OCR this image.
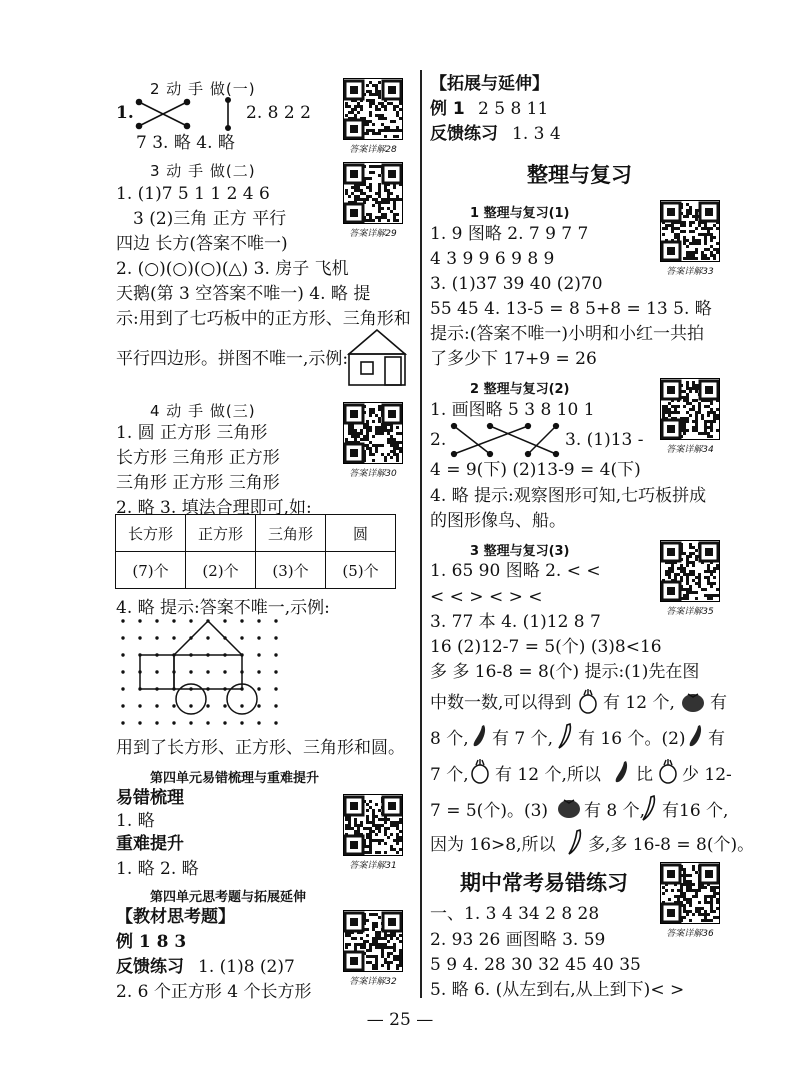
2 动 手 做(一)
1.	2. 8 2 2
7 3. 略 4. 略	答案详解28
3 动 手 做(二)
1. (1)7 5 1 1 2 4 6
3 (2)三角 正方 平行
四边 长方(答案不唯一)
2. (○)(○)(○)(△) 3. 房子 飞机
天鹅(第 3 空答案不唯一) 4. 略 提
示:用到了七巧板中的正方形、三角形和
平行四边形。拼图不唯一,示例:
答案详解29
4 动 手 做(三)
1. 圆 正方形 三角形
长方形 三角形 正方形
三角形 正方形 三角形
2. 略 3. 填法合理即可,如:
答案详解30
长方形	正方形	三角形	圆
(7)个	(2)个	(3)个	(5)个
4. 略 提示:答案不唯一,示例:
用到了长方形、正方形、三角形和圆。
第四单元易错梳理与重难提升
易错梳理
1. 略
重难提升
1. 略 2. 略	答案详解31
第四单元思考题与拓展延伸
【教材思考题】
例 1 8 3
反馈练习 1. (1)8 (2)7
2. 6 个正方形 4 个长方形	答案详解32
【拓展与延伸】
例 1 2 5 8 11
反馈练习 1. 3 4
整理与复习
1 整理与复习(1)
1. 9 图略 2. 7 9 7 7
4 3 9 9 6 9 8 9
3. (1)37 39 40 (2)70
55 45 4. 13-5 = 8 5+8 = 13 5. 略
提示:(答案不唯一)小明和小红一共拍
了多少下 17+9 = 26
答案详解33
2 整理与复习(2)
1. 画图略 5 3 8 10 1
2.	3. (1)13 -
4 = 9(下) (2)13-9 = 4(下)
4. 略 提示:观察图形可知,七巧板拼成
的图形像鸟、船。
答案详解34
3 整理与复习(3)
1. 65 90 图略 2. < <
< < > < > <
3. 77 本 4. (1)12 8 7
16 (2)12-7 = 5(个) (3)8<16
多 多 16-8 = 8(个) 提示:(1)先在图
答案详解35
中数一数,可以得到 有 12 个, 有
8 个, 有 7 个, 有 16 个。(2) 有
7 个, 有 12 个,所以 比 少 12-
7 = 5(个)。(3) 有 8 个, 有16 个,
因为 16>8,所以 多,多 16-8 = 8(个)。
期中常考易错练习
一、1. 3 4 34 2 8 28
2. 93 26 画图略 3. 59
5 9 4. 28 30 32 45 40 35
5. 略 6. (从左到右,从上到下)< >
答案详解36
— 25 —
